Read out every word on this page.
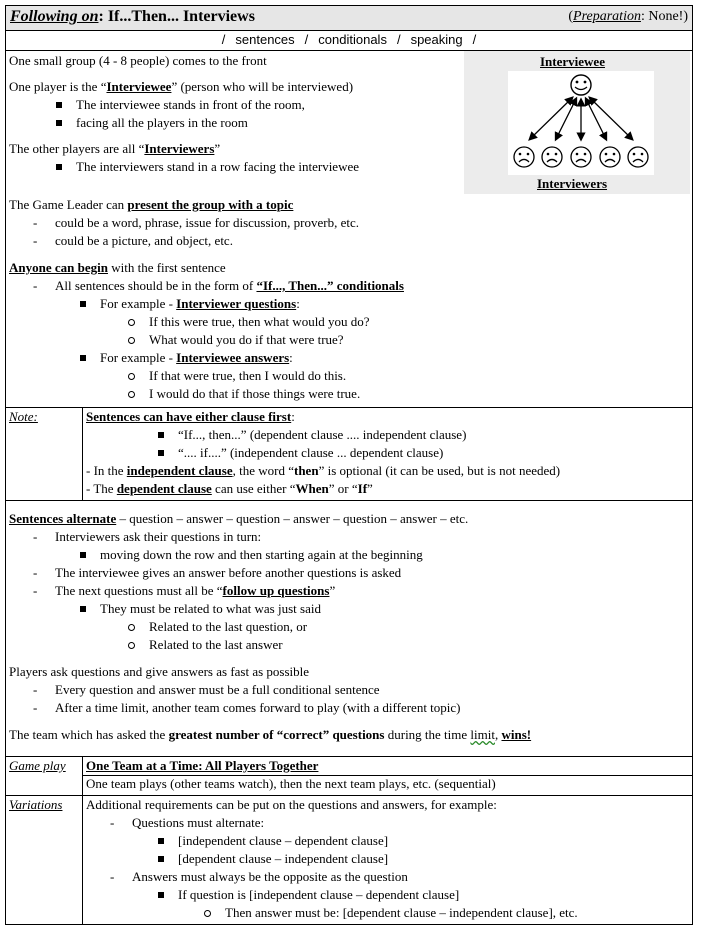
Following on: If...Then... Interviews	(Preparation: None!)
/ sentences / conditionals / speaking /
One small group (4 - 8 people) comes to the front
One player is the “Interviewee” (person who will be interviewed)
The interviewee stands in front of the room,
facing all the players in the room
The other players are all “Interviewers”
The interviewers stand in a row facing the interviewee
The Game Leader can present the group with a topic
- could be a word, phrase, issue for discussion, proverb, etc.
- could be a picture, and object, etc.
Anyone can begin with the first sentence
- All sentences should be in the form of “If..., Then...” conditionals
For example - Interviewer questions:
If this were true, then what would you do?
What would you do if that were true?
For example - Interviewee answers:
If that were true, then I would do this.
I would do that if those things were true.
Interviewee
Interviewers
Note:	Sentences can have either clause first:
“If..., then...” (dependent clause .... independent clause)
“.... if....” (independent clause ... dependent clause)
- In the independent clause, the word “then” is optional (it can be used, but is not needed)
- The dependent clause can use either “When” or “If”
Sentences alternate – question – answer – question – answer – question – answer – etc.
- Interviewers ask their questions in turn:
moving down the row and then starting again at the beginning
- The interviewee gives an answer before another questions is asked
- The next questions must all be “follow up questions”
They must be related to what was just said
Related to the last question, or
Related to the last answer
Players ask questions and give answers as fast as possible
- Every question and answer must be a full conditional sentence
- After a time limit, another team comes forward to play (with a different topic)
The team which has asked the greatest number of “correct” questions during the time limit, wins!
Game play One Team at a Time: All Players Together
One team plays (other teams watch), then the next team plays, etc. (sequential)
Variations Additional requirements can be put on the questions and answers, for example:
- Questions must alternate:
[independent clause – dependent clause]
[dependent clause – independent clause]
- Answers must always be the opposite as the question
If question is [independent clause – dependent clause]
Then answer must be: [dependent clause – independent clause], etc.
